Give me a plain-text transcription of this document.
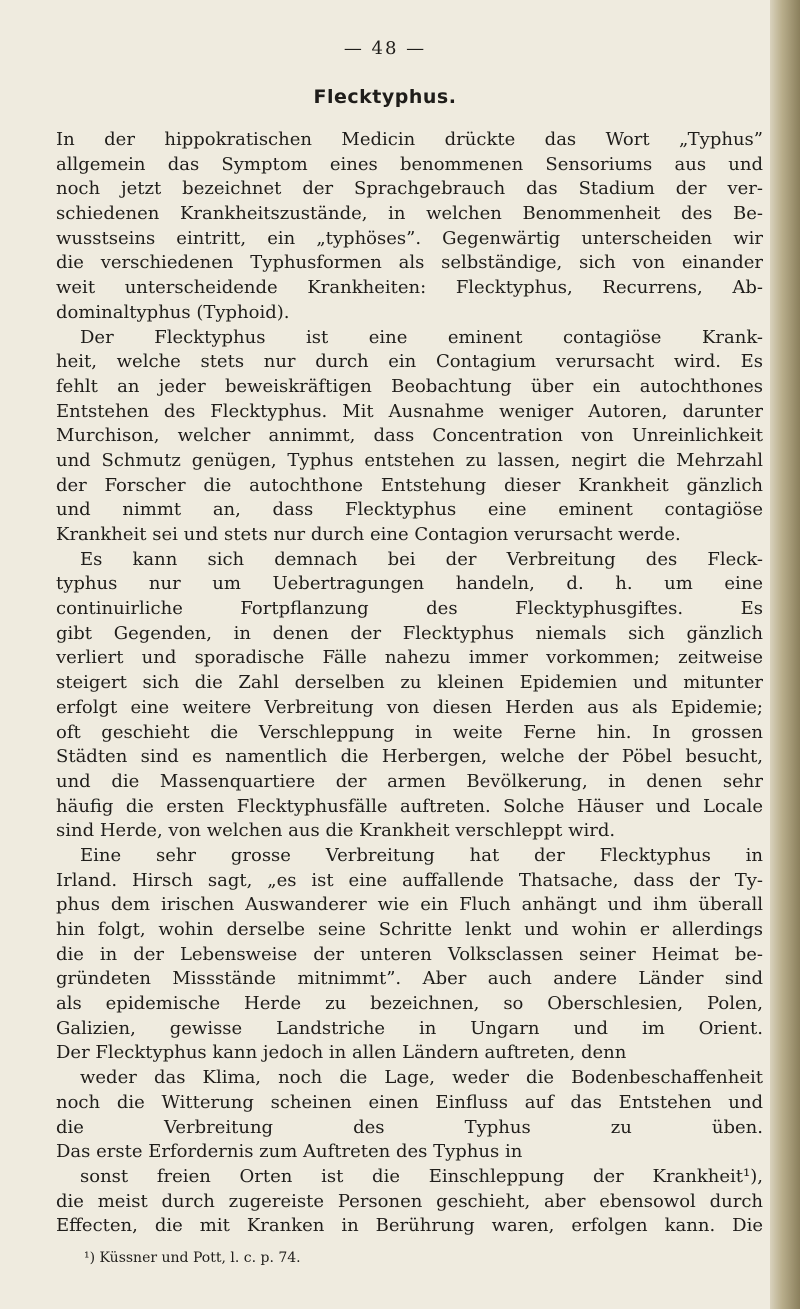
— 48 —
Flecktyphus.
In der hippokratischen Medicin drückte das Wort „Typhus”
allgemein das Symptom eines benommenen Sensoriums aus und
noch jetzt bezeichnet der Sprachgebrauch das Stadium der ver-
schiedenen Krankheitszustände, in welchen Benommenheit des Be-
wusstseins eintritt, ein „typhöses”. Gegenwärtig unterscheiden wir
die verschiedenen Typhusformen als selbständige, sich von einander
weit unterscheidende Krankheiten: Flecktyphus, Recurrens, Ab-
dominaltyphus (Typhoid).
Der Flecktyphus ist eine eminent contagiöse Krank-
heit, welche stets nur durch ein Contagium verursacht wird. Es
fehlt an jeder beweiskräftigen Beobachtung über ein autochthones
Entstehen des Flecktyphus. Mit Ausnahme weniger Autoren, darunter
Murchison, welcher annimmt, dass Concentration von Unreinlichkeit
und Schmutz genügen, Typhus entstehen zu lassen, negirt die Mehrzahl
der Forscher die autochthone Entstehung dieser Krankheit gänzlich
und nimmt an, dass Flecktyphus eine eminent contagiöse
Krankheit sei und stets nur durch eine Contagion verursacht werde.
Es kann sich demnach bei der Verbreitung des Fleck-
typhus nur um Uebertragungen handeln, d. h. um eine
continuirliche Fortpflanzung des Flecktyphusgiftes. Es
gibt Gegenden, in denen der Flecktyphus niemals sich gänzlich
verliert und sporadische Fälle nahezu immer vorkommen; zeitweise
steigert sich die Zahl derselben zu kleinen Epidemien und mitunter
erfolgt eine weitere Verbreitung von diesen Herden aus als Epidemie;
oft geschieht die Verschleppung in weite Ferne hin. In grossen
Städten sind es namentlich die Herbergen, welche der Pöbel besucht,
und die Massenquartiere der armen Bevölkerung, in denen sehr
häufig die ersten Flecktyphusfälle auftreten. Solche Häuser und Locale
sind Herde, von welchen aus die Krankheit verschleppt wird.
Eine sehr grosse Verbreitung hat der Flecktyphus in
Irland. Hirsch sagt, „es ist eine auffallende Thatsache, dass der Ty-
phus dem irischen Auswanderer wie ein Fluch anhängt und ihm überall
hin folgt, wohin derselbe seine Schritte lenkt und wohin er allerdings
die in der Lebensweise der unteren Volksclassen seiner Heimat be-
gründeten Missstände mitnimmt”. Aber auch andere Länder sind
als epidemische Herde zu bezeichnen, so Oberschlesien, Polen,
Galizien, gewisse Landstriche in Ungarn und im Orient.
Der Flecktyphus kann jedoch in allen Ländern auftreten, denn
weder das Klima, noch die Lage, weder die Bodenbeschaffenheit
noch die Witterung scheinen einen Einfluss auf das Entstehen und
die Verbreitung des Typhus zu üben.
Das erste Erfordernis zum Auftreten des Typhus in
sonst freien Orten ist die Einschleppung der Krankheit¹),
die meist durch zugereiste Personen geschieht, aber ebensowol durch
Effecten, die mit Kranken in Berührung waren, erfolgen kann. Die
¹) Küssner und Pott, l. c. p. 74.
